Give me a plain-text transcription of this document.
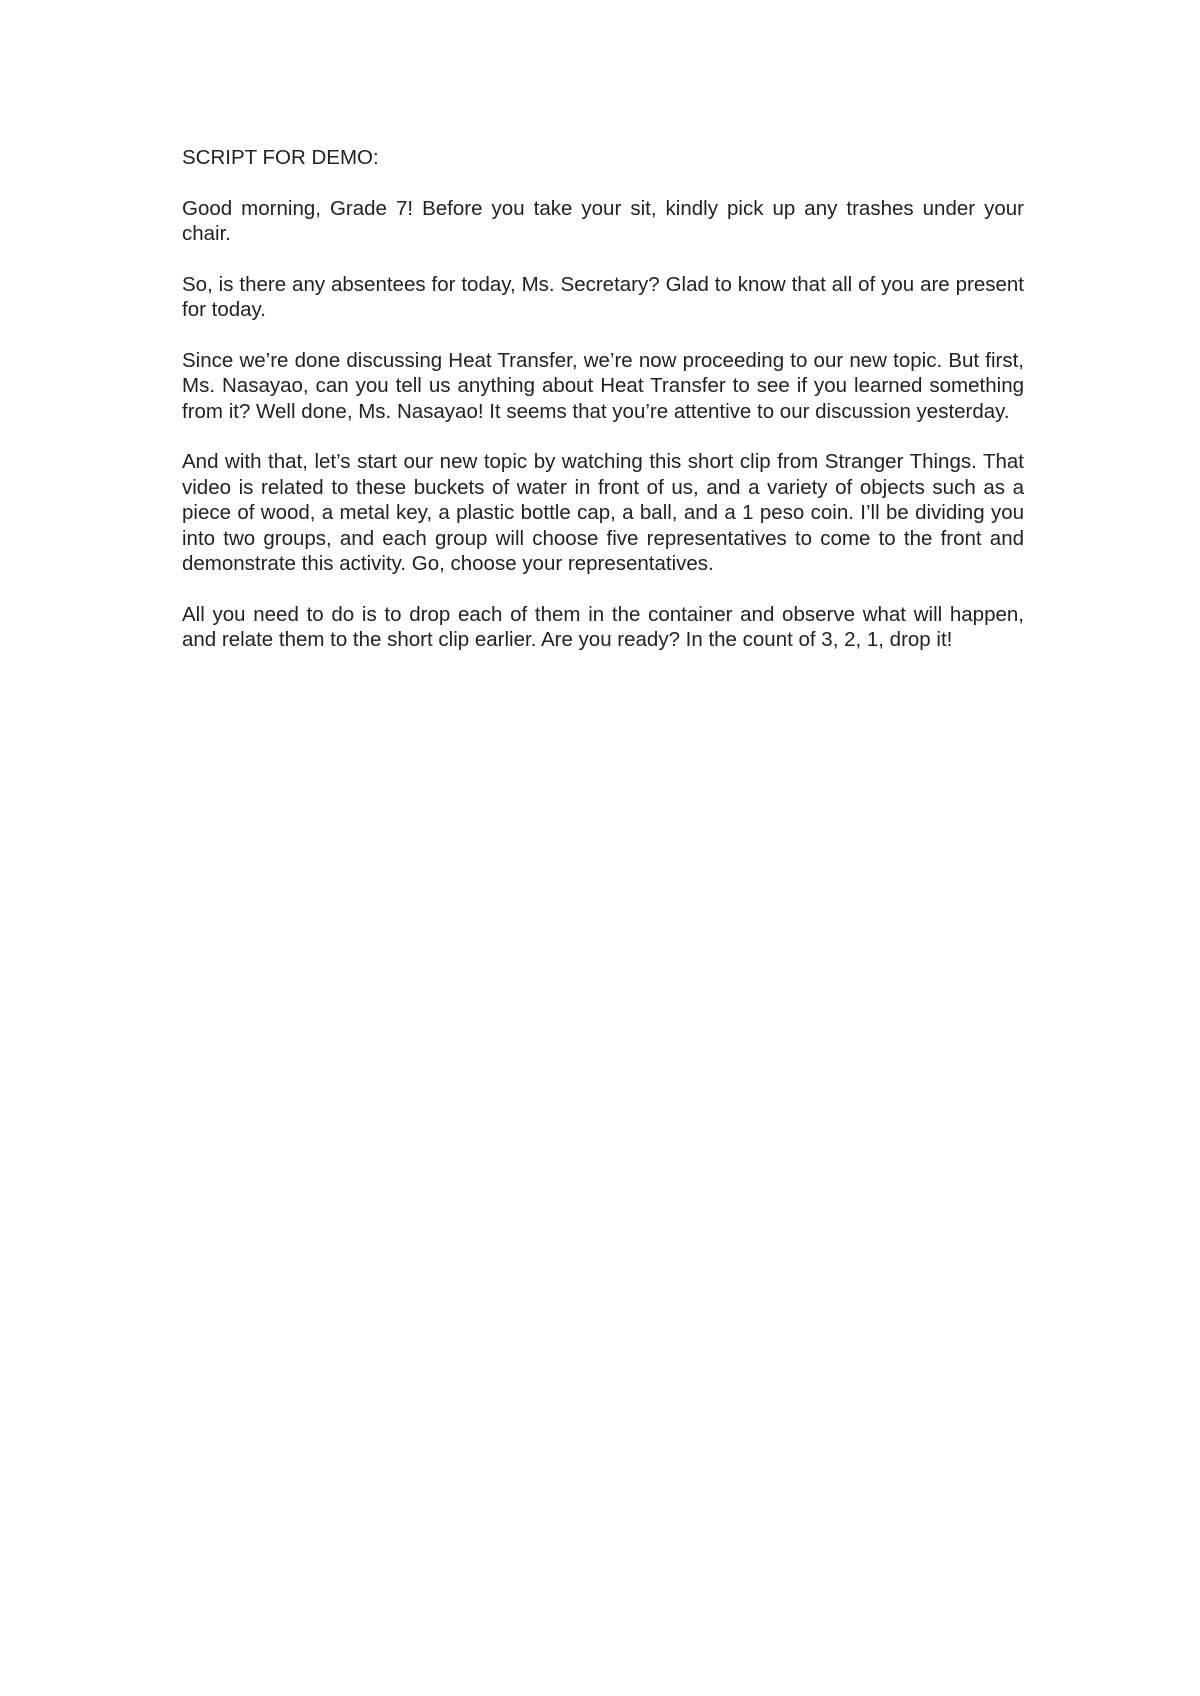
SCRIPT FOR DEMO:

Good morning, Grade 7! Before you take your sit, kindly pick up any trashes under your chair.

So, is there any absentees for today, Ms. Secretary? Glad to know that all of you are present for today.

Since we’re done discussing Heat Transfer, we’re now proceeding to our new topic. But first, Ms. Nasayao, can you tell us anything about Heat Transfer to see if you learned something from it? Well done, Ms. Nasayao! It seems that you’re attentive to our discussion yesterday.

And with that, let’s start our new topic by watching this short clip from Stranger Things. That video is related to these buckets of water in front of us, and a variety of objects such as a piece of wood, a metal key, a plastic bottle cap, a ball, and a 1 peso coin. I’ll be dividing you into two groups, and each group will choose five representatives to come to the front and demonstrate this activity. Go, choose your representatives.

All you need to do is to drop each of them in the container and observe what will happen, and relate them to the short clip earlier. Are you ready? In the count of 3, 2, 1, drop it!
